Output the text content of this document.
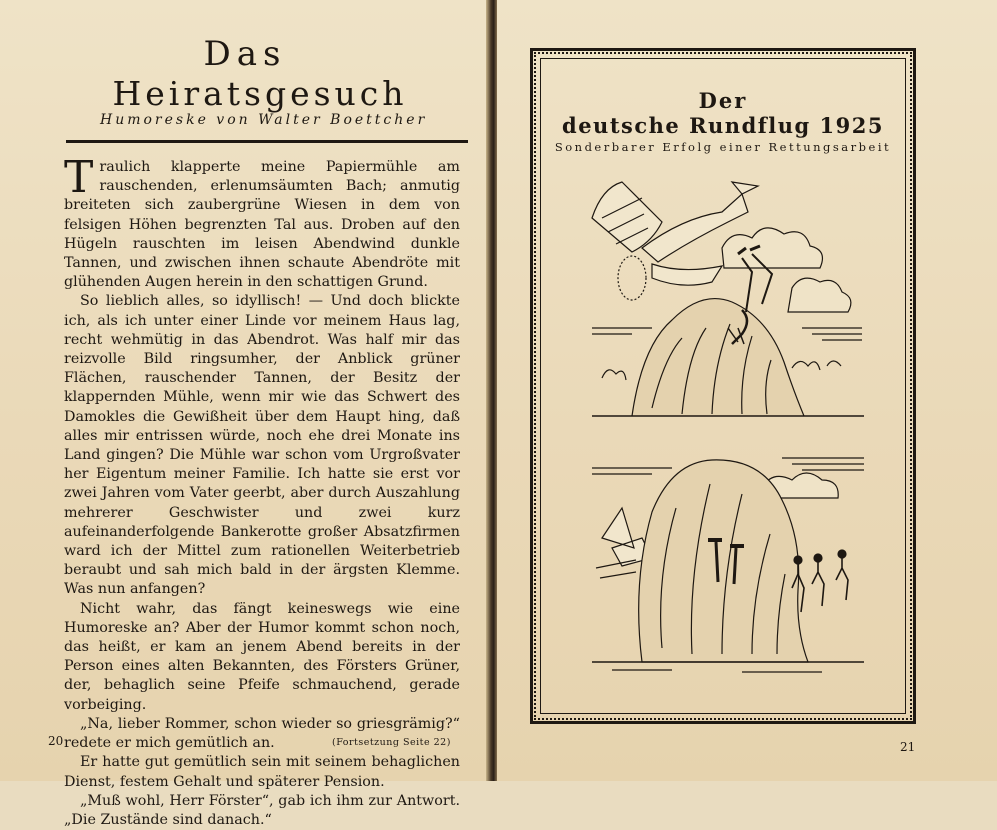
Das
Heiratsgesuch
Humoreske von Walter Boettcher

Traulich klapperte meine Papiermühle am rauschenden, erlenumsäumten Bach; anmutig breiteten sich zaubergrüne Wiesen in dem von felsigen Höhen begrenzten Tal aus. Droben auf den Hügeln rauschten im leisen Abendwind dunkle Tannen, und zwischen ihnen schaute Abendröte mit glühenden Augen herein in den schattigen Grund.

So lieblich alles, so idyllisch! — Und doch blickte ich, als ich unter einer Linde vor meinem Haus lag, recht wehmütig in das Abendrot. Was half mir das reizvolle Bild ringsumher, der Anblick grüner Flächen, rauschender Tannen, der Besitz der klappernden Mühle, wenn mir wie das Schwert des Damokles die Gewißheit über dem Haupt hing, daß alles mir entrissen würde, noch ehe drei Monate ins Land gingen? Die Mühle war schon vom Urgroßvater her Eigentum meiner Familie. Ich hatte sie erst vor zwei Jahren vom Vater geerbt, aber durch Auszahlung mehrerer Geschwister und zwei kurz aufeinanderfolgende Bankerotte großer Absatzfirmen ward ich der Mittel zum rationellen Weiterbetrieb beraubt und sah mich bald in der ärgsten Klemme. Was nun anfangen?

Nicht wahr, das fängt keineswegs wie eine Humoreske an? Aber der Humor kommt schon noch, das heißt, er kam an jenem Abend bereits in der Person eines alten Bekannten, des Försters Grüner, der, behaglich seine Pfeife schmauchend, gerade vorbeiging.

„Na, lieber Rommer, schon wieder so griesgrämig?“ redete er mich gemütlich an.

Er hatte gut gemütlich sein mit seinem behaglichen Dienst, festem Gehalt und späterer Pension.

„Muß wohl, Herr Förster“, gab ich ihm zur Antwort. „Die Zustände sind danach.“

20	(Fortsetzung Seite 22)
Der
deutsche Rundflug 1925
Sonderbarer Erfolg einer Rettungsarbeit
21
